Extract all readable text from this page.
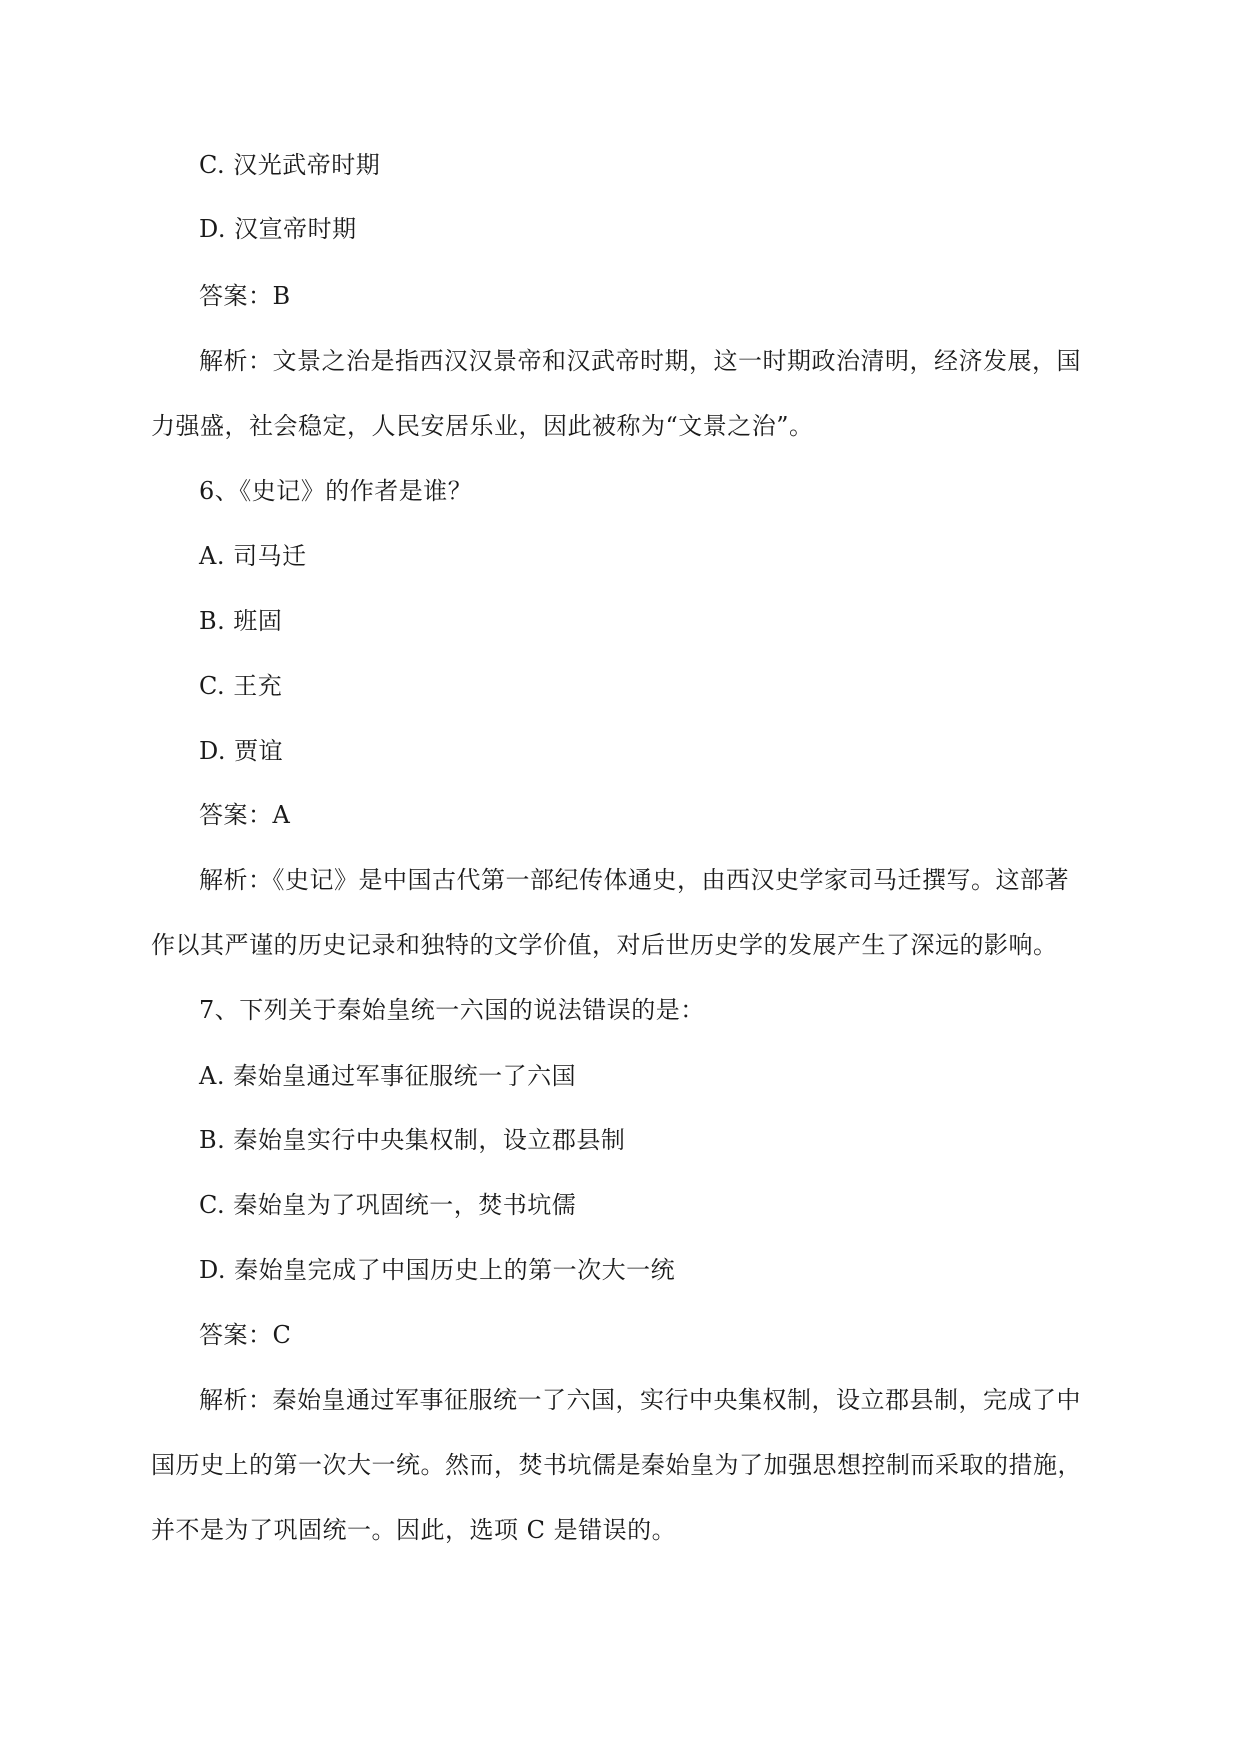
C. 汉光武帝时期
D. 汉宣帝时期
答案：B
解析：文景之治是指西汉汉景帝和汉武帝时期，这一时期政治清明，经济发展，国
力强盛，社会稳定，人民安居乐业，因此被称为“文景之治”。
6、《史记》的作者是谁？
A. 司马迁
B. 班固
C. 王充
D. 贾谊
答案：A
解析：《史记》是中国古代第一部纪传体通史，由西汉史学家司马迁撰写。这部著
作以其严谨的历史记录和独特的文学价值，对后世历史学的发展产生了深远的影响。
7、下列关于秦始皇统一六国的说法错误的是：
A. 秦始皇通过军事征服统一了六国
B. 秦始皇实行中央集权制，设立郡县制
C. 秦始皇为了巩固统一，焚书坑儒
D. 秦始皇完成了中国历史上的第一次大一统
答案：C
解析：秦始皇通过军事征服统一了六国，实行中央集权制，设立郡县制，完成了中
国历史上的第一次大一统。然而，焚书坑儒是秦始皇为了加强思想控制而采取的措施，
并不是为了巩固统一。因此，选项 C 是错误的。
